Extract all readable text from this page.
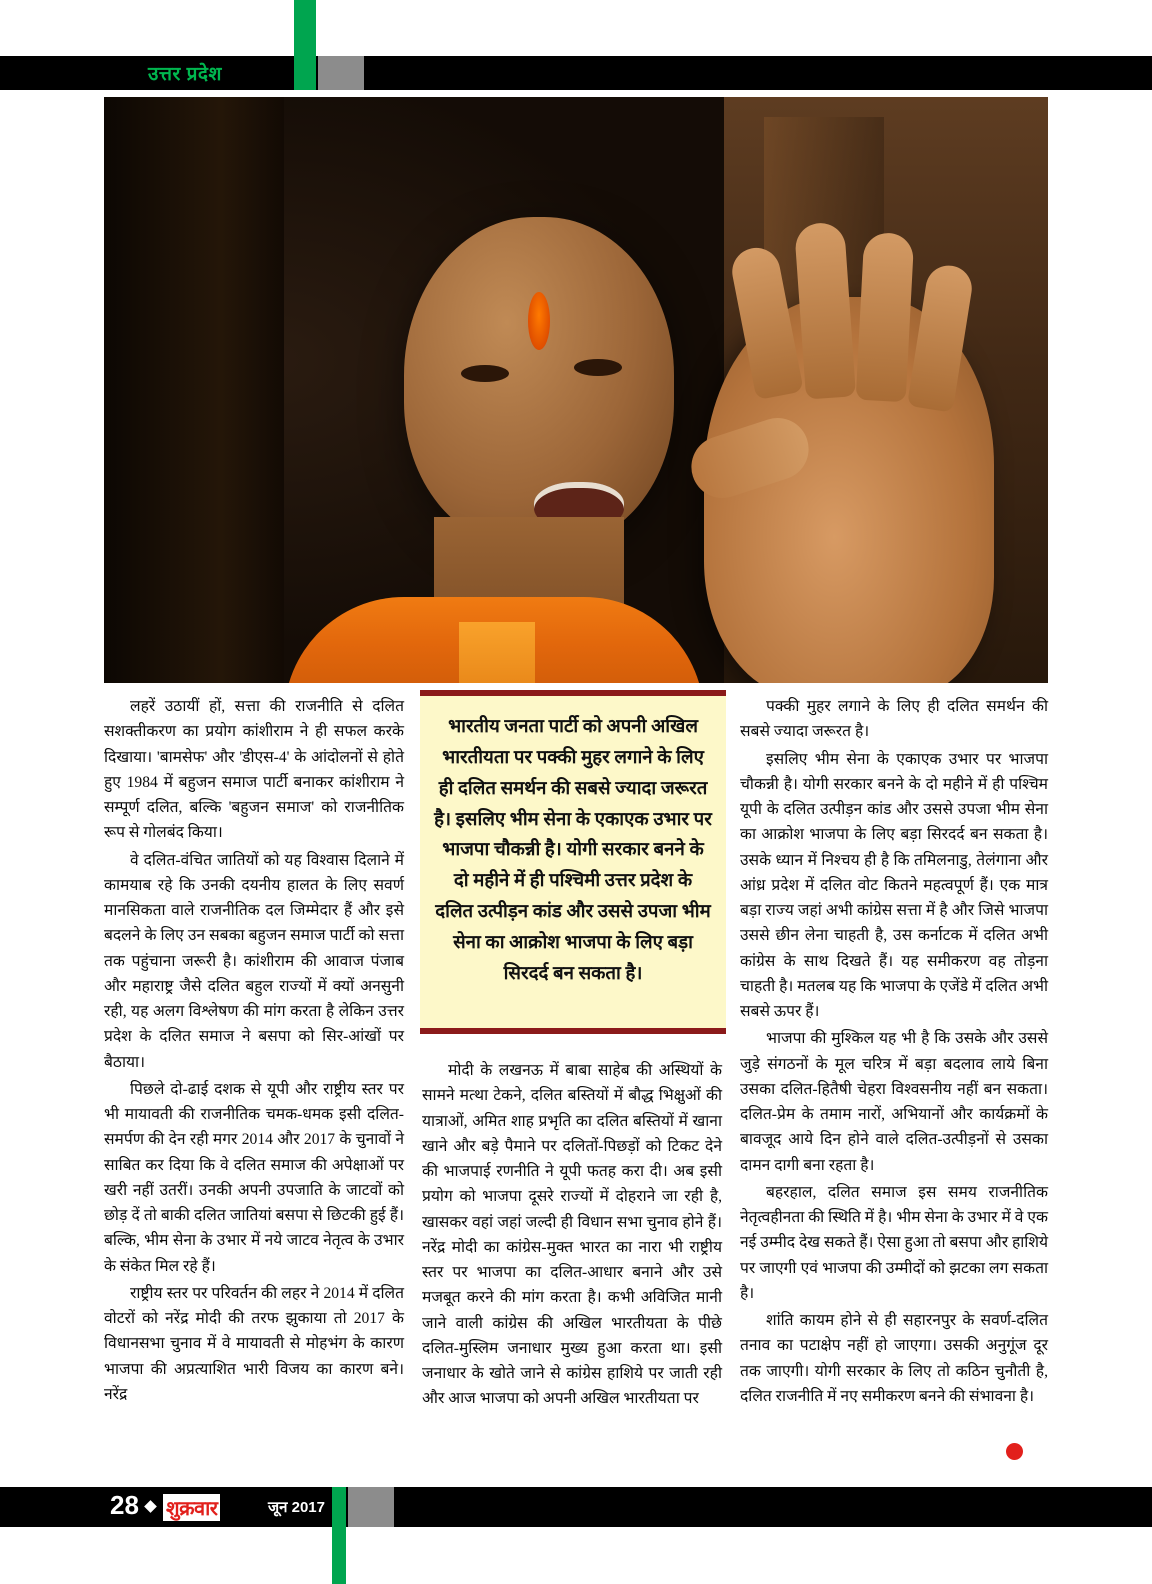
उत्तर प्रदेश

लहरें उठायीं हों, सत्ता की राजनीति से दलित सशक्तीकरण का प्रयोग कांशीराम ने ही सफल करके दिखाया। 'बामसेफ' और 'डीएस-4' के आंदोलनों से होते हुए 1984 में बहुजन समाज पार्टी बनाकर कांशीराम ने सम्पूर्ण दलित, बल्कि 'बहुजन समाज' को राजनीतिक रूप से गोलबंद किया।

वे दलित-वंचित जातियों को यह विश्वास दिलाने में कामयाब रहे कि उनकी दयनीय हालत के लिए सवर्ण मानसिकता वाले राजनीतिक दल जिम्मेदार हैं और इसे बदलने के लिए उन सबका बहुजन समाज पार्टी को सत्ता तक पहुंचाना जरूरी है। कांशीराम की आवाज पंजाब और महाराष्ट्र जैसे दलित बहुल राज्यों में क्यों अनसुनी रही, यह अलग विश्लेषण की मांग करता है लेकिन उत्तर प्रदेश के दलित समाज ने बसपा को सिर-आंखों पर बैठाया।

पिछले दो-ढाई दशक से यूपी और राष्ट्रीय स्तर पर भी मायावती की राजनीतिक चमक-धमक इसी दलित- समर्पण की देन रही मगर 2014 और 2017 के चुनावों ने साबित कर दिया कि वे दलित समाज की अपेक्षाओं पर खरी नहीं उतरीं। उनकी अपनी उपजाति के जाटवों को छोड़ दें तो बाकी दलित जातियां बसपा से छिटकी हुई हैं। बल्कि, भीम सेना के उभार में नये जाटव नेतृत्व के उभार के संकेत मिल रहे हैं।

राष्ट्रीय स्तर पर परिवर्तन की लहर ने 2014 में दलित वोटरों को नरेंद्र मोदी की तरफ झुकाया तो 2017 के विधानसभा चुनाव में वे मायावती से मोहभंग के कारण भाजपा की अप्रत्याशित भारी विजय का कारण बने। नरेंद्र

भारतीय जनता पार्टी को अपनी अखिल भारतीयता पर पक्की मुहर लगाने के लिए ही दलित समर्थन की सबसे ज्यादा जरूरत है। इसलिए भीम सेना के एकाएक उभार पर भाजपा चौकन्नी है। योगी सरकार बनने के दो महीने में ही पश्चिमी उत्तर प्रदेश के दलित उत्पीड़न कांड और उससे उपजा भीम सेना का आक्रोश भाजपा के लिए बड़ा सिरदर्द बन सकता है।

मोदी के लखनऊ में बाबा साहेब की अस्थियों के सामने मत्था टेकने, दलित बस्तियों में बौद्ध भिक्षुओं की यात्राओं, अमित शाह प्रभृति का दलित बस्तियों में खाना खाने और बड़े पैमाने पर दलितों-पिछड़ों को टिकट देने की भाजपाई रणनीति ने यूपी फतह करा दी। अब इसी प्रयोग को भाजपा दूसरे राज्यों में दोहराने जा रही है, खासकर वहां जहां जल्दी ही विधान सभा चुनाव होने हैं। नरेंद्र मोदी का कांग्रेस-मुक्त भारत का नारा भी राष्ट्रीय स्तर पर भाजपा का दलित-आधार बनाने और उसे मजबूत करने की मांग करता है। कभी अविजित मानी जाने वाली कांग्रेस की अखिल भारतीयता के पीछे दलित-मुस्लिम जनाधार मुख्य हुआ करता था। इसी जनाधार के खोते जाने से कांग्रेस हाशिये पर जाती रही और आज भाजपा को अपनी अखिल भारतीयता पर

पक्की मुहर लगाने के लिए ही दलित समर्थन की सबसे ज्यादा जरूरत है।

इसलिए भीम सेना के एकाएक उभार पर भाजपा चौकन्नी है। योगी सरकार बनने के दो महीने में ही पश्चिम यूपी के दलित उत्पीड़न कांड और उससे उपजा भीम सेना का आक्रोश भाजपा के लिए बड़ा सिरदर्द बन सकता है। उसके ध्यान में निश्चय ही है कि तमिलनाडु, तेलंगाना और आंध्र प्रदेश में दलित वोट कितने महत्वपूर्ण हैं। एक मात्र बड़ा राज्य जहां अभी कांग्रेस सत्ता में है और जिसे भाजपा उससे छीन लेना चाहती है, उस कर्नाटक में दलित अभी कांग्रेस के साथ दिखते हैं। यह समीकरण वह तोड़ना चाहती है। मतलब यह कि भाजपा के एजेंडे में दलित अभी सबसे ऊपर हैं।

भाजपा की मुश्किल यह भी है कि उसके और उससे जुड़े संगठनों के मूल चरित्र में बड़ा बदलाव लाये बिना उसका दलित-हितैषी चेहरा विश्वसनीय नहीं बन सकता। दलित-प्रेम के तमाम नारों, अभियानों और कार्यक्रमों के बावजूद आये दिन होने वाले दलित-उत्पीड़नों से उसका दामन दागी बना रहता है।

बहरहाल, दलित समाज इस समय राजनीतिक नेतृत्वहीनता की स्थिति में है। भीम सेना के उभार में वे एक नई उम्मीद देख सकते हैं। ऐसा हुआ तो बसपा और हाशिये पर जाएगी एवं भाजपा की उम्मीदों को झटका लग सकता है।

शांति कायम होने से ही सहारनपुर के सवर्ण-दलित तनाव का पटाक्षेप नहीं हो जाएगा। उसकी अनुगूंज दूर तक जाएगी। योगी सरकार के लिए तो कठिन चुनौती है, दलित राजनीति में नए समीकरण बनने की संभावना है।

28 शुक्रवार	जून 2017
